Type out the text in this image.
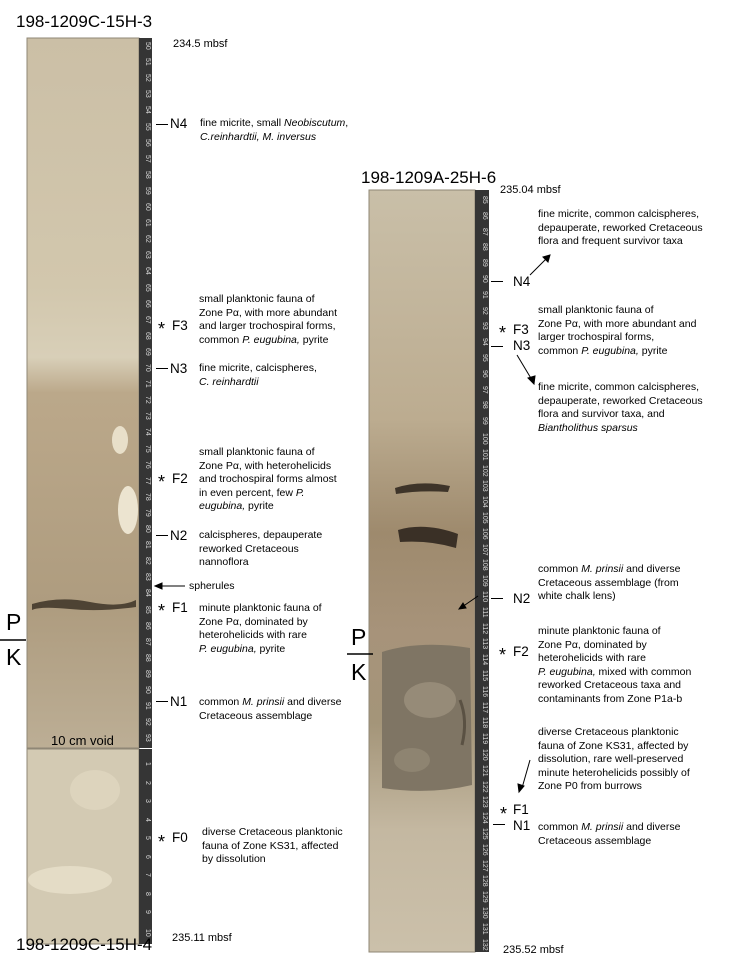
50
51
52
53
54
55
56
57
58
59
60
61
62
63
64
65
66
67
68
69
70
71
72
73
74
75
76
77
78
79
80
81
82
83
84
85
86
87
88
89
90
91
92
93
1
2
3
4
5
6
7
8
9
10
85
86
87
88
89
90
91
92
93
94
95
96
97
98
99
100
101
102
103
104
105
106
107
108
109
110
111
112
113
114
115
116
117
118
119
120
121
122
123
124
125
126
127
128
129
130
131
132
198-1209C-15H-3
234.5 mbsf
198-1209C-15H-4 235.11 mbsf
10 cm void
198-1209A-25H-6
235.04 mbsf
235.52 mbsf
P
K
P
K
N4
* F3
N3
* F2
N2
spherules
* F1
N1
* F0
fine micrite, small Neobiscutum,
C.reinhardtii, M. inversus
small planktonic fauna of
Zone Pα, with more abundant
and larger trochospiral forms,
common P. eugubina, pyrite
fine micrite, calcispheres,
C. reinhardtii
small planktonic fauna of
Zone Pα, with heterohelicids
and trochospiral forms almost
in even percent, few P.
eugubina, pyrite
calcispheres, depauperate
reworked Cretaceous
nannoflora
minute planktonic fauna of
Zone Pα, dominated by
heterohelicids with rare
P. eugubina, pyrite
common M. prinsii and diverse
Cretaceous assemblage
diverse Cretaceous planktonic
fauna of Zone KS31, affected
by dissolution
N4
* F3
N3
N2
* F2
* F1
N1
fine micrite, common calcispheres,
depauperate, reworked Cretaceous
flora and frequent survivor taxa
small planktonic fauna of
Zone Pα, with more abundant and
larger trochospiral forms,
common P. eugubina, pyrite
fine micrite, common calcispheres,
depauperate, reworked Cretaceous
flora and survivor taxa, and
Biantholithus sparsus
common M. prinsii and diverse
Cretaceous assemblage (from
white chalk lens)
minute planktonic fauna of
Zone Pα, dominated by
heterohelicids with rare
P. eugubina, mixed with common
reworked Cretaceous taxa and
contaminants from Zone P1a-b
diverse Cretaceous planktonic
fauna of Zone KS31, affected by
dissolution, rare well-preserved
minute heterohelicids possibly of
Zone P0 from burrows
common M. prinsii and diverse
Cretaceous assemblage
